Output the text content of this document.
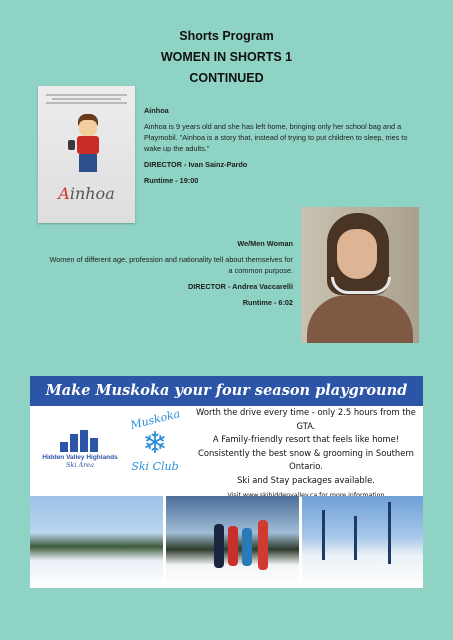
Shorts Program
WOMEN IN SHORTS 1
CONTINUED
Ainhoa
Ainhoa
Ainhoa is 9 years old and she has left home, bringing only her school bag and a Playmobil. "Ainhoa is a story that, instead of trying to put children to sleep, tries to wake up the adults."
DIRECTOR - Ivan Sainz-Pardo
Runtime - 19:00
We/Men Woman
Women of different age, profession and nationality tell about themselves for a common purpose.
DIRECTOR - Andrea Vaccarelli
Runtime - 6:02
Make Muskoka your four season playground
Hidden Valley Highlands
Ski Area
Muskoka
❄
Ski Club
Worth the drive every time - only 2.5 hours from the GTA.
A Family-friendly resort that feels like home!
Consistently the best snow & grooming in Southern Ontario.
Ski and Stay packages available.
